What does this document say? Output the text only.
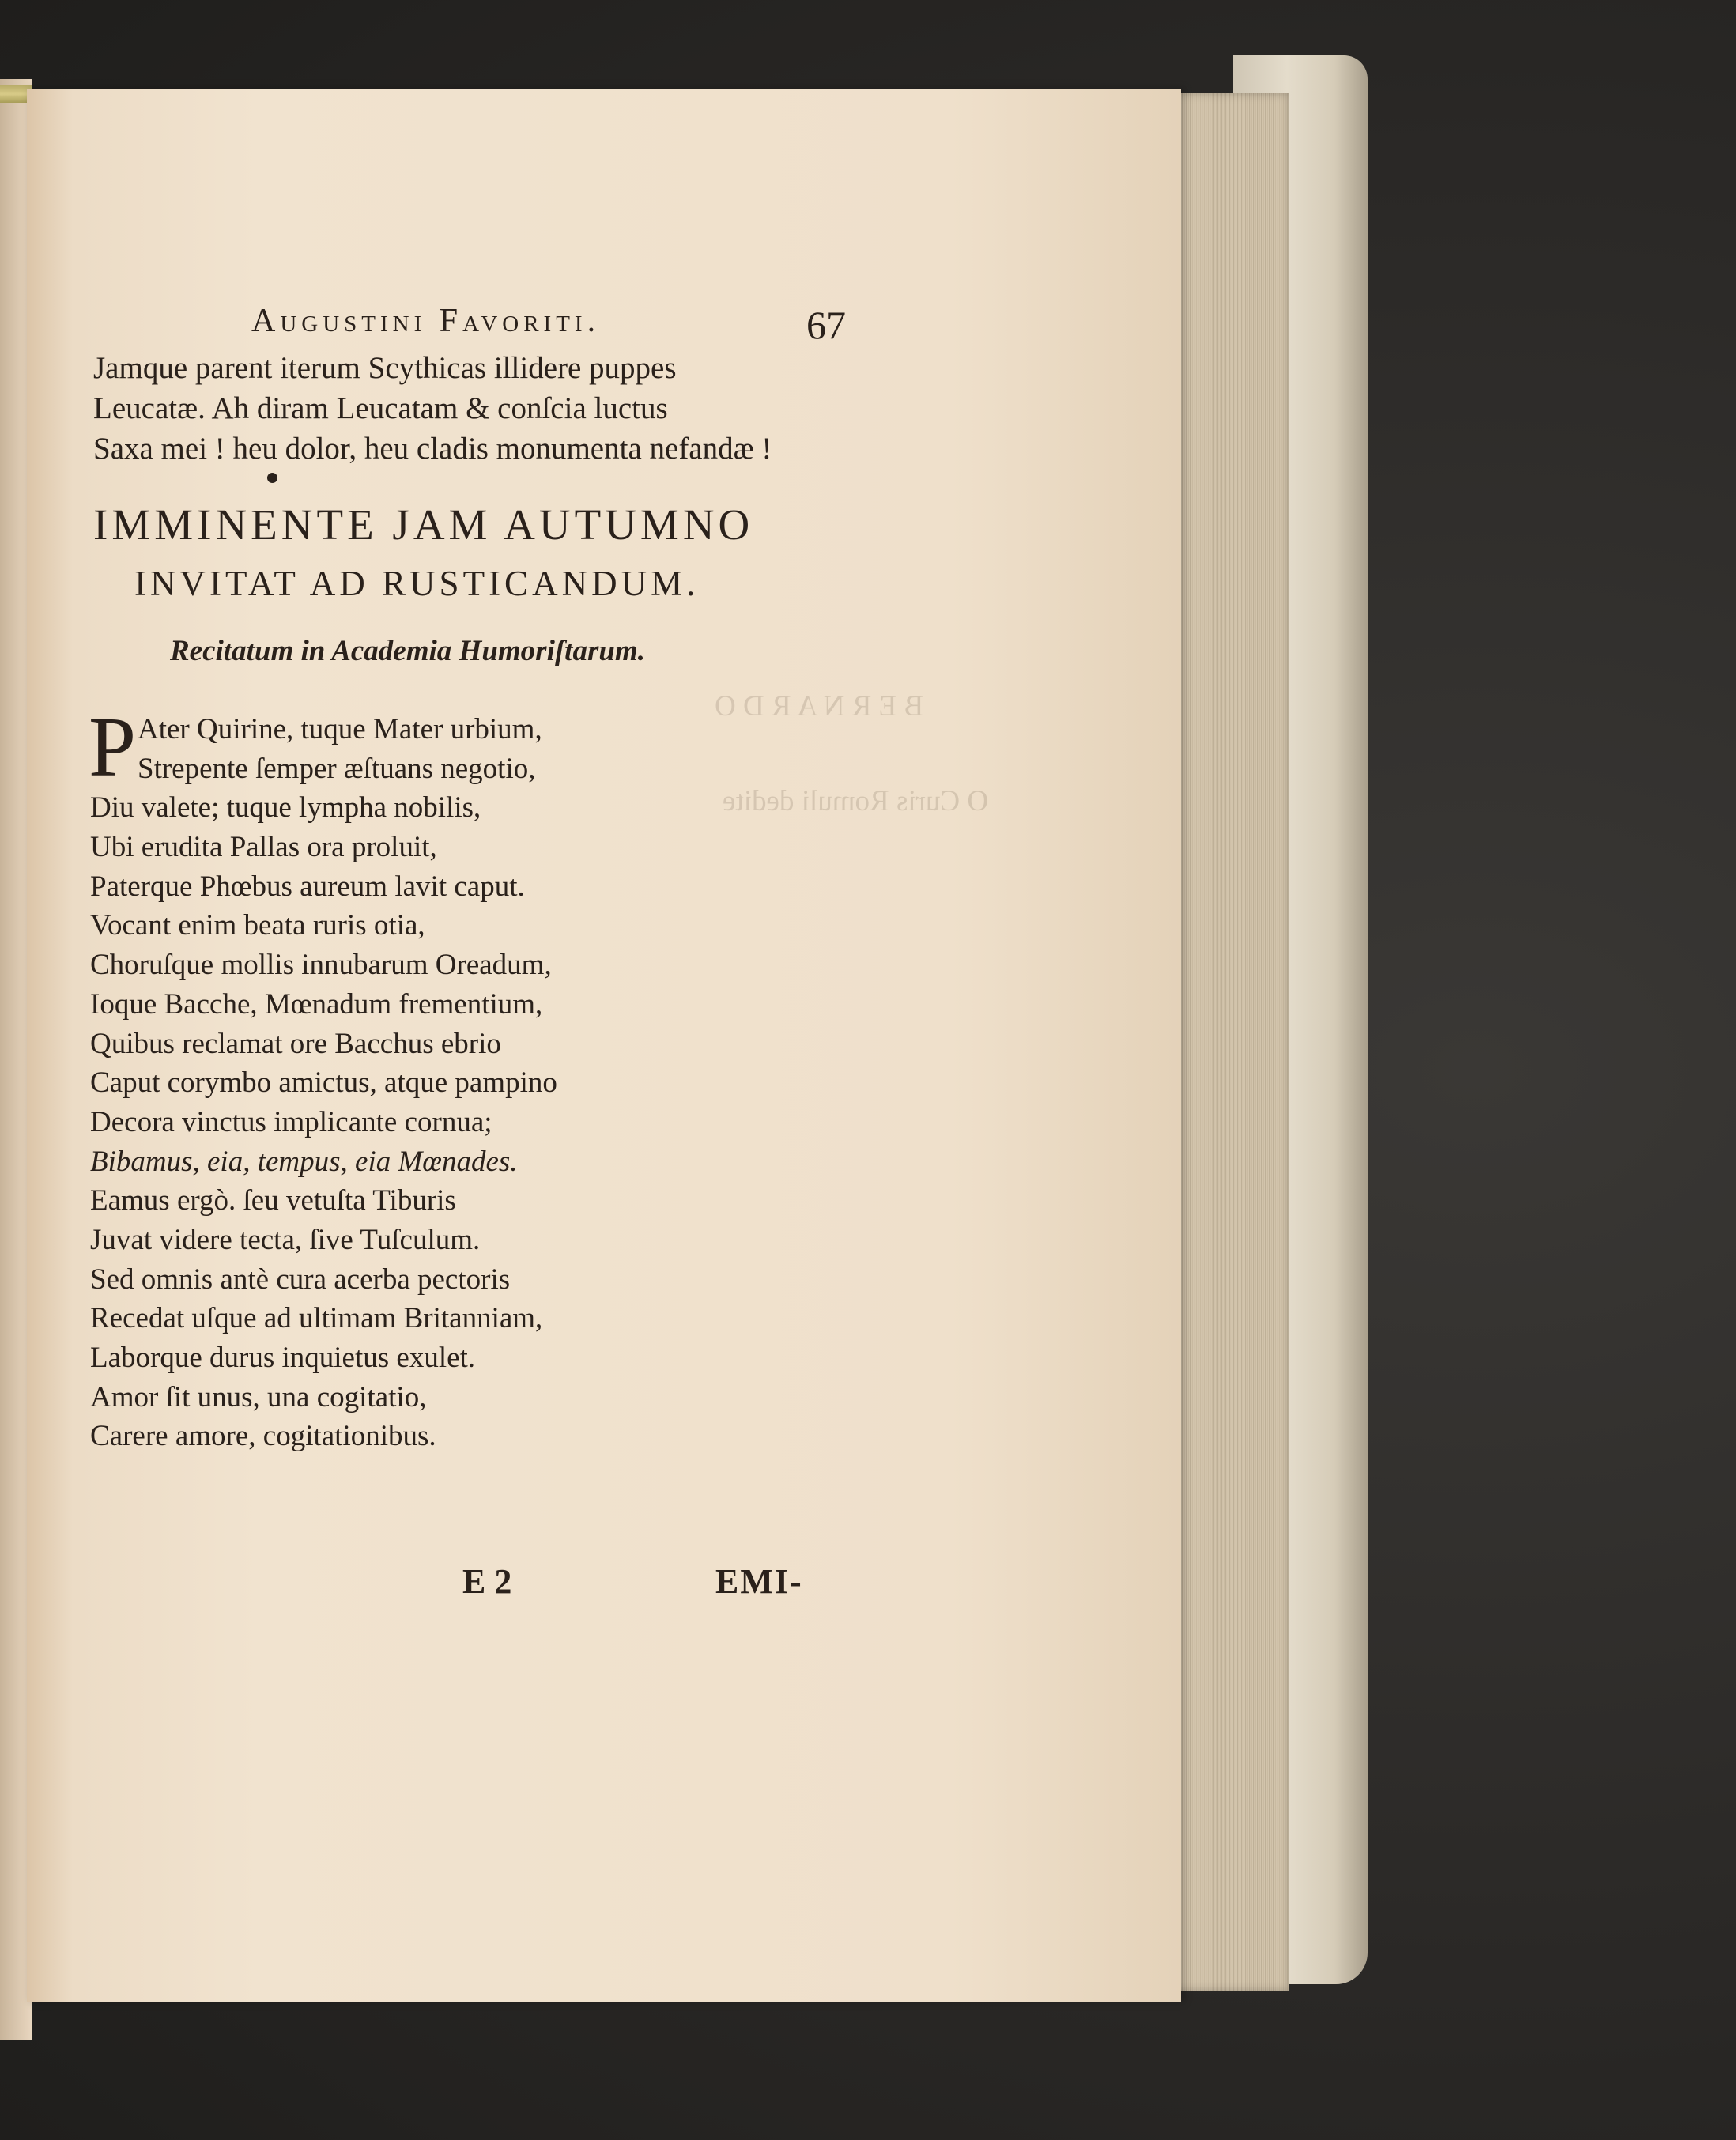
B E R N A R D O
O Curis Romuli dedite
Augustini Favoriti.	67
Jamque parent iterum Scythicas illidere puppes
Leucatæ. Ah diram Leucatam & conſcia luctus
Saxa mei ! heu dolor, heu cladis monumenta nefandæ !
IMMINENTE JAM AUTUMNO
INVITAT AD RUSTICANDUM.
Recitatum in Academia Humoriſtarum.
P Ater Quirine, tuque Mater urbium,
Strepente ſemper æſtuans negotio,
Diu valete; tuque lympha nobilis,
Ubi erudita Pallas ora proluit,
Paterque Phœbus aureum lavit caput.
Vocant enim beata ruris otia,
Choruſque mollis innubarum Oreadum,
Ioque Bacche, Mœnadum frementium,
Quibus reclamat ore Bacchus ebrio
Caput corymbo amictus, atque pampino
Decora vinctus implicante cornua;
Bibamus, eia, tempus, eia Mœnades.
Eamus ergò. ſeu vetuſta Tiburis
Juvat videre tecta, ſive Tuſculum.
Sed omnis antè cura acerba pectoris
Recedat uſque ad ultimam Britanniam,
Laborque durus inquietus exulet.
Amor ſit unus, una cogitatio,
Carere amore, cogitationibus.
E 2	EMI-
